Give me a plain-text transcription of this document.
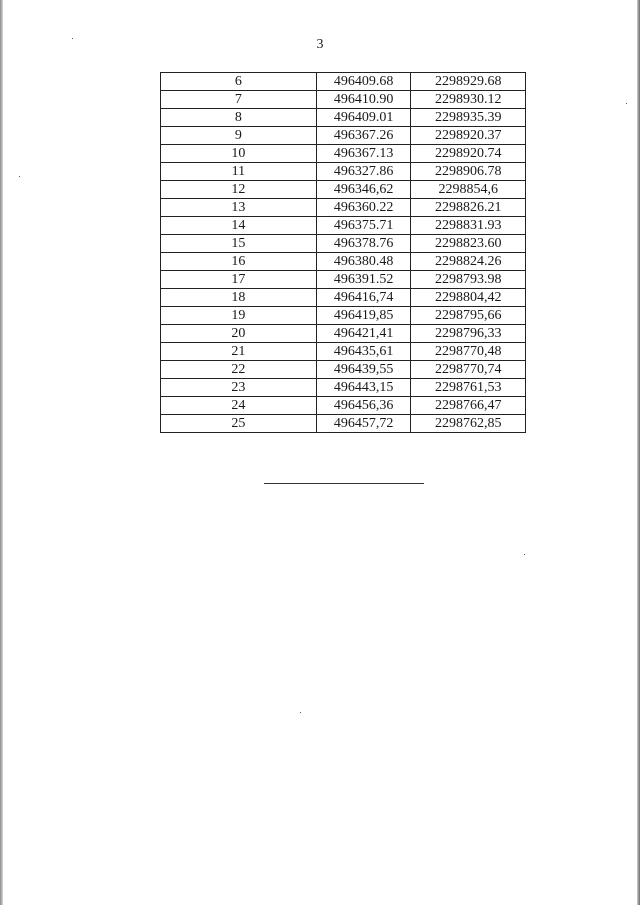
3
6	496409.68	2298929.68
7	496410.90	2298930.12
8	496409.01	2298935.39
9	496367.26	2298920.37
10	496367.13	2298920.74
11	496327.86	2298906.78
12	496346,62	2298854,6
13	496360.22	2298826.21
14	496375.71	2298831.93
15	496378.76	2298823.60
16	496380.48	2298824.26
17	496391.52	2298793.98
18	496416,74	2298804,42
19	496419,85	2298795,66
20	496421,41	2298796,33
21	496435,61	2298770,48
22	496439,55	2298770,74
23	496443,15	2298761,53
24	496456,36	2298766,47
25	496457,72	2298762,85
